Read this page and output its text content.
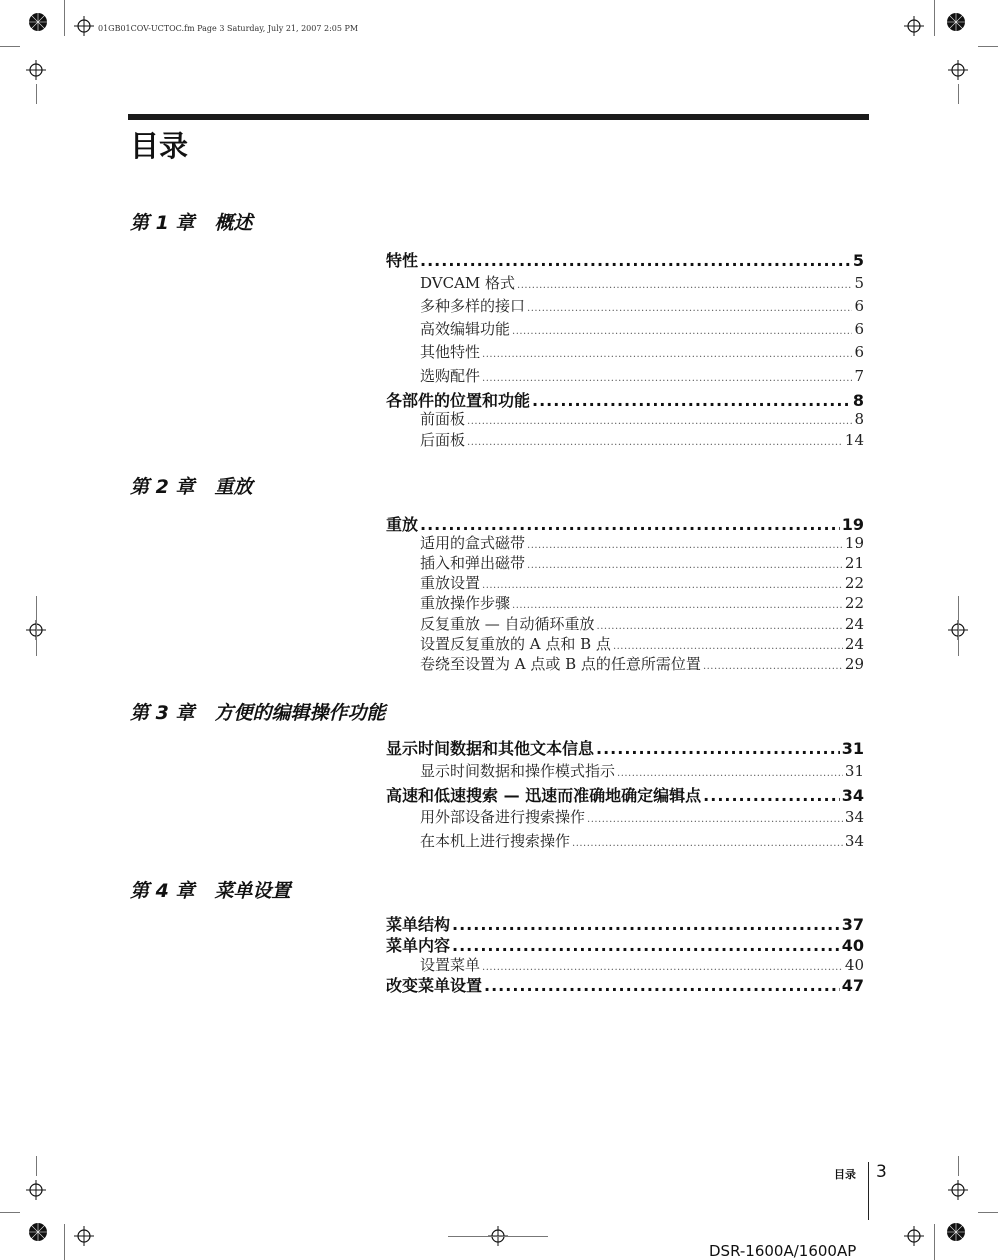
01GB01COV-UCTOC.fm Page 3 Saturday, July 21, 2007 2:05 PM
目录
第 1 章 概述
第 2 章 重放
第 3 章 方便的编辑操作功能
第 4 章 菜单设置
特性 .....	5
DVCAM 格式 .....	5
多种多样的接口 .....	6
高效编辑功能 .....	6
其他特性 .....	6
选购配件 .....	7
各部件的位置和功能 .....	8
前面板 .....	8
后面板 .....	14
重放 .....	19
适用的盒式磁带 .....	19
插入和弹出磁带 .....	21
重放设置 .....	22
重放操作步骤 .....	22
反复重放 — 自动循环重放 .....	24
设置反复重放的 A 点和 B 点 .....	24
卷绕至设置为 A 点或 B 点的任意所需位置 .....	29
显示时间数据和其他文本信息 .....	31
显示时间数据和操作模式指示 .....	31
高速和低速搜索 — 迅速而准确地确定编辑点 .....	34
用外部设备进行搜索操作 .....	34
在本机上进行搜索操作 .....	34
菜单结构 .....	37
菜单内容 .....	40
设置菜单 .....	40
改变菜单设置 .....	47
目录 3
DSR-1600A/1600AP
